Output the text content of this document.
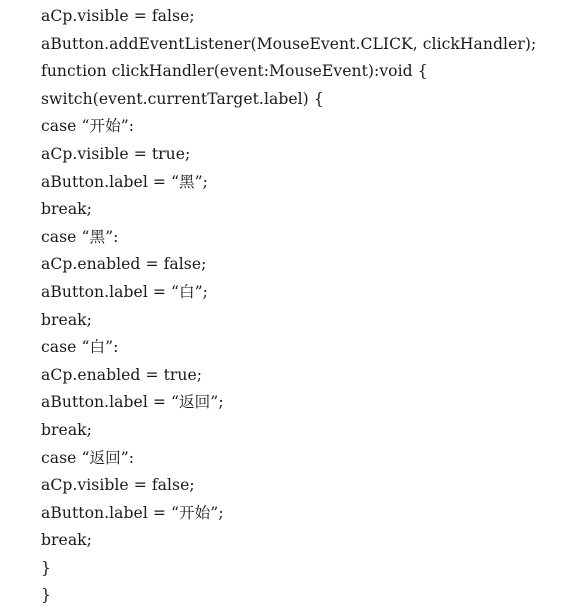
aCp.visible = false;
aButton.addEventListener(MouseEvent.CLICK, clickHandler);
function clickHandler(event:MouseEvent):void {
switch(event.currentTarget.label) {
case “开始”:
aCp.visible = true;
aButton.label = “黑”;
break;
case “黑”:
aCp.enabled = false;
aButton.label = “白”;
break;
case “白”:
aCp.enabled = true;
aButton.label = “返回”;
break;
case “返回”:
aCp.visible = false;
aButton.label = “开始”;
break;
}
}
